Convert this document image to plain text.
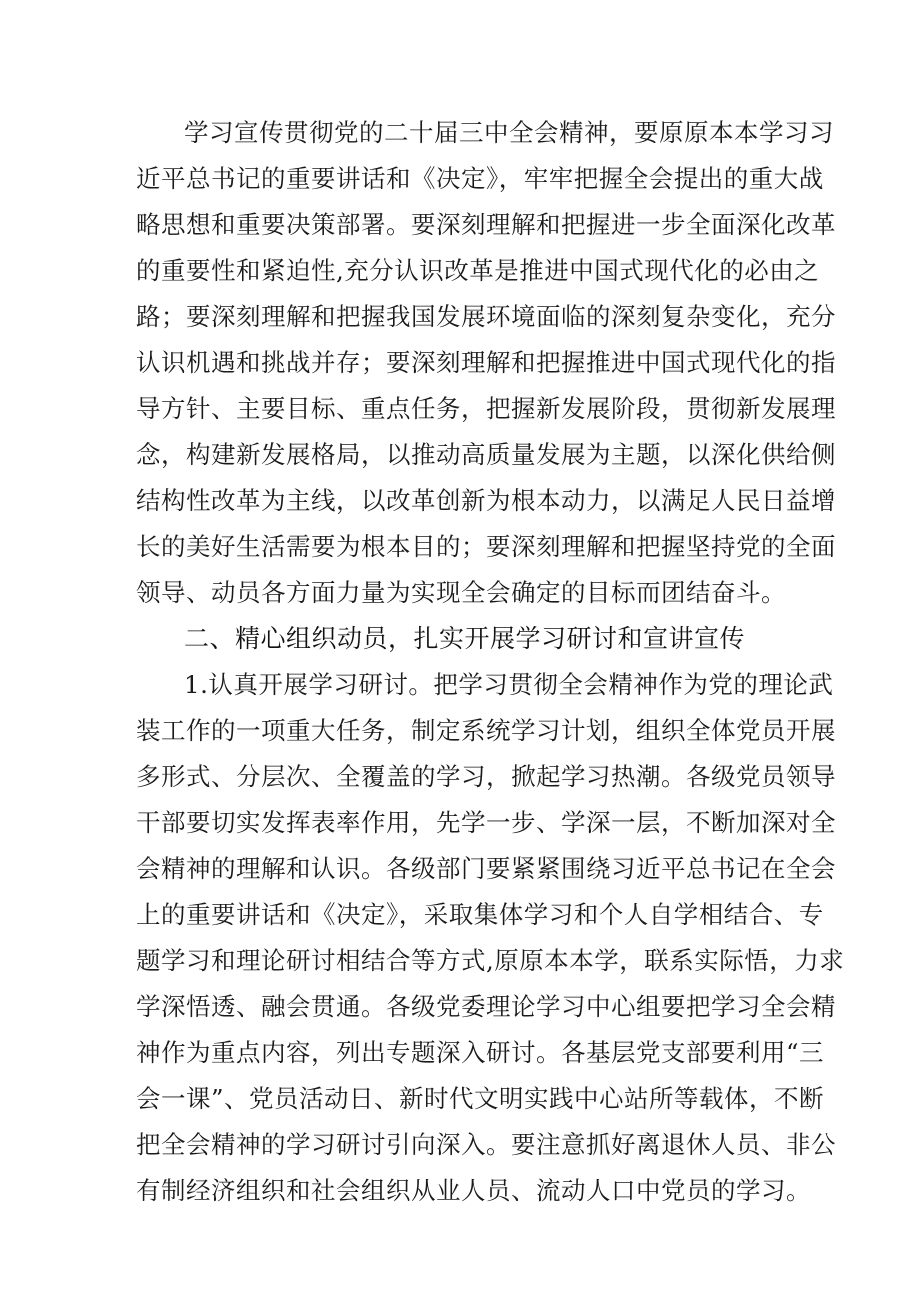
学习宣传贯彻党的二十届三中全会精神，要原原本本学习习
近平总书记的重要讲话和《决定》，牢牢把握全会提出的重大战
略思想和重要决策部署。要深刻理解和把握进一步全面深化改革
的重要性和紧迫性,充分认识改革是推进中国式现代化的必由之
路；要深刻理解和把握我国发展环境面临的深刻复杂变化，充分
认识机遇和挑战并存；要深刻理解和把握推进中国式现代化的指
导方针、主要目标、重点任务，把握新发展阶段，贯彻新发展理
念，构建新发展格局，以推动高质量发展为主题，以深化供给侧
结构性改革为主线，以改革创新为根本动力，以满足人民日益增
长的美好生活需要为根本目的；要深刻理解和把握坚持党的全面
领导、动员各方面力量为实现全会确定的目标而团结奋斗。
二、精心组织动员，扎实开展学习研讨和宣讲宣传
1.认真开展学习研讨。把学习贯彻全会精神作为党的理论武
装工作的一项重大任务，制定系统学习计划，组织全体党员开展
多形式、分层次、全覆盖的学习，掀起学习热潮。各级党员领导
干部要切实发挥表率作用，先学一步、学深一层，不断加深对全
会精神的理解和认识。各级部门要紧紧围绕习近平总书记在全会
上的重要讲话和《决定》，采取集体学习和个人自学相结合、专
题学习和理论研讨相结合等方式,原原本本学，联系实际悟，力求
学深悟透、融会贯通。各级党委理论学习中心组要把学习全会精
神作为重点内容，列出专题深入研讨。各基层党支部要利用“三
会一课”、党员活动日、新时代文明实践中心站所等载体，不断
把全会精神的学习研讨引向深入。要注意抓好离退休人员、非公
有制经济组织和社会组织从业人员、流动人口中党员的学习。
